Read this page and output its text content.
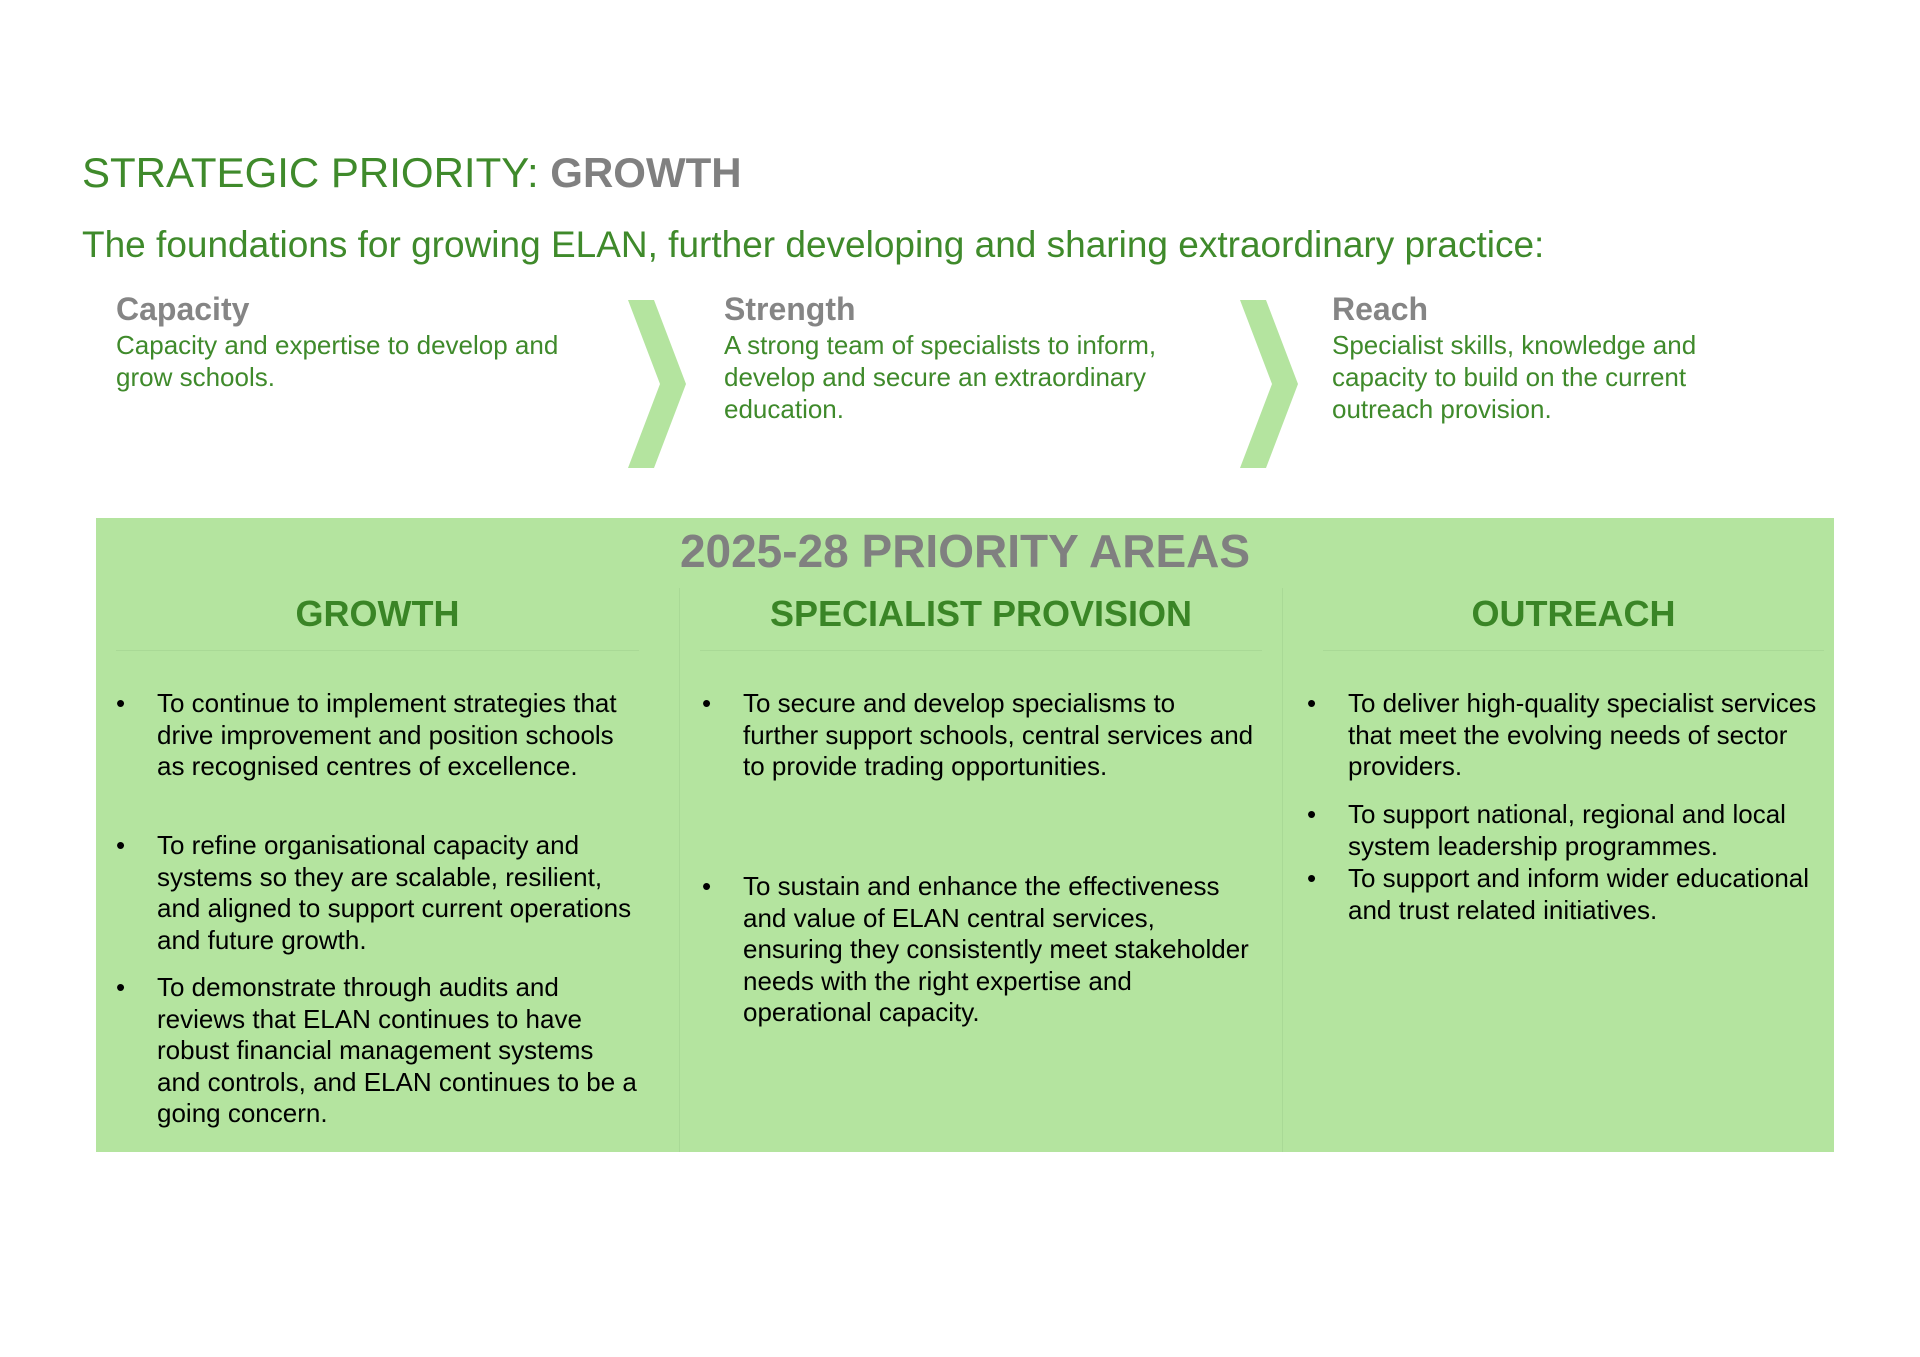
STRATEGIC PRIORITY: GROWTH
The foundations for growing ELAN, further developing and sharing extraordinary practice:
Capacity
Capacity and expertise to develop and grow schools.
Strength
A strong team of specialists to inform, develop and secure an extraordinary education.
Reach
Specialist skills, knowledge and capacity to build on the current outreach provision.
2025-28 PRIORITY AREAS
GROWTH
• To continue to implement strategies that drive improvement and position schools as recognised centres of excellence.
• To refine organisational capacity and systems so they are scalable, resilient, and aligned to support current operations and future growth.
• To demonstrate through audits and reviews that ELAN continues to have robust financial management systems and controls, and ELAN continues to be a going concern.
SPECIALIST PROVISION
• To secure and develop specialisms to further support schools, central services and to provide trading opportunities.
• To sustain and enhance the effectiveness and value of ELAN central services, ensuring they consistently meet stakeholder needs with the right expertise and operational capacity.
OUTREACH
• To deliver high-quality specialist services that meet the evolving needs of sector providers.
• To support national, regional and local system leadership programmes.
• To support and inform wider educational and trust related initiatives.
